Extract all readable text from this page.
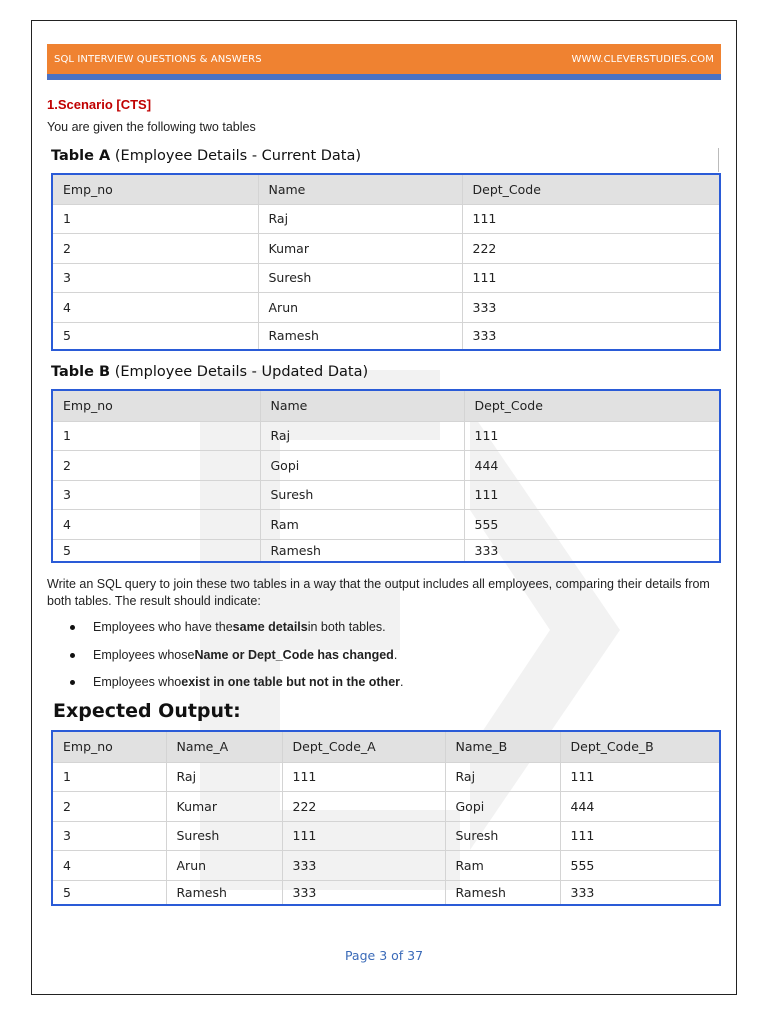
SQL INTERVIEW QUESTIONS & ANSWERS	WWW.CLEVERSTUDIES.COM
1.Scenario [CTS]
You are given the following two tables
Table A (Employee Details - Current Data)
Emp_no	Name	Dept_Code
1	Raj	111
2	Kumar	222
3	Suresh	111
4	Arun	333
5	Ramesh	333
Table B (Employee Details - Updated Data)
Emp_no	Name	Dept_Code
1	Raj	111
2	Gopi	444
3	Suresh	111
4	Ram	555
5	Ramesh	333
Write an SQL query to join these two tables in a way that the output includes all employees, comparing their details from both tables. The result should indicate:
Employees who have the same details in both tables.
Employees whose Name or Dept_Code has changed .
Employees who exist in one table but not in the other .
Expected Output:
Emp_no	Name_A	Dept_Code_A	Name_B	Dept_Code_B
1	Raj	111	Raj	111
2	Kumar	222	Gopi	444
3	Suresh	111	Suresh	111
4	Arun	333	Ram	555
5	Ramesh	333	Ramesh	333
Page 3 of 37
